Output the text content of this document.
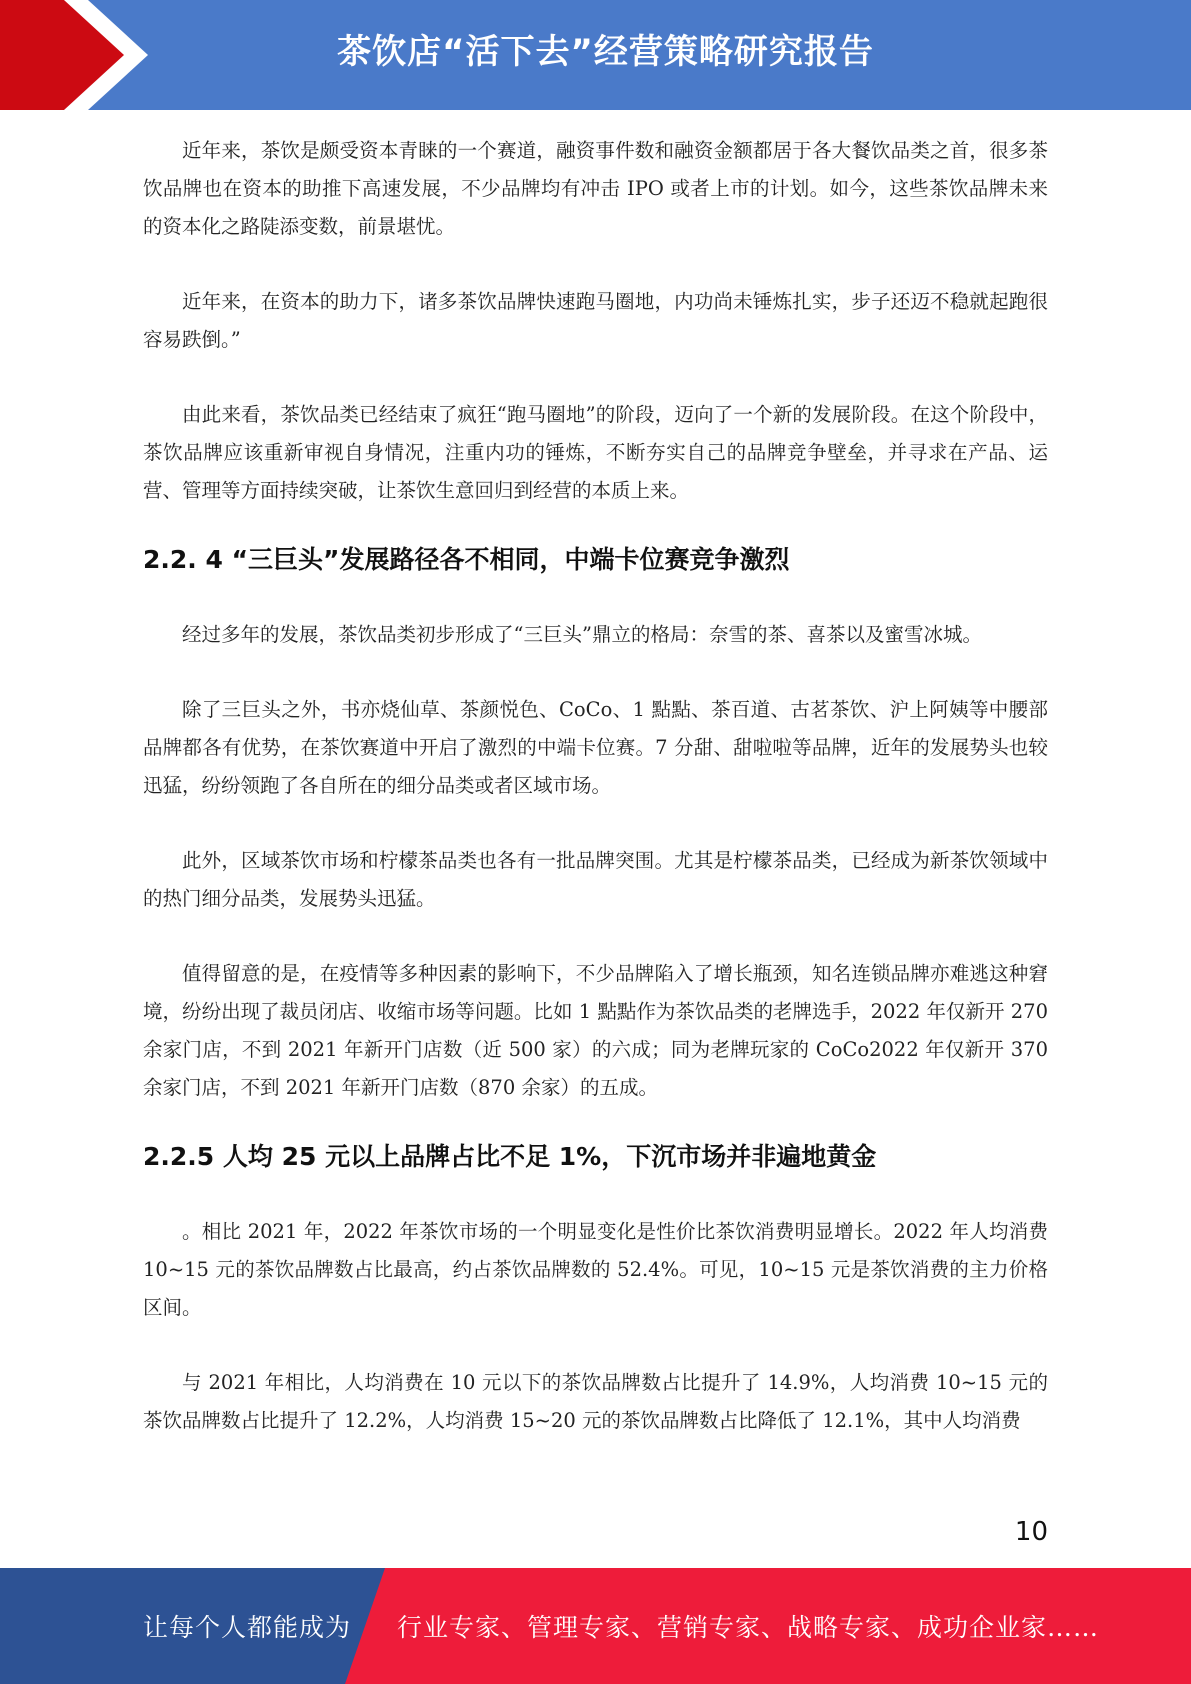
茶饮店“活下去”经营策略研究报告

近年来，茶饮是颇受资本青睐的一个赛道，融资事件数和融资金额都居于各大餐饮品类之首，很多茶饮品牌也在资本的助推下高速发展，不少品牌均有冲击 IPO 或者上市的计划。如今，这些茶饮品牌未来的资本化之路陡添变数，前景堪忧。

近年来，在资本的助力下，诸多茶饮品牌快速跑马圈地，内功尚未锤炼扎实，步子还迈不稳就起跑很容易跌倒。”

由此来看，茶饮品类已经结束了疯狂“跑马圈地”的阶段，迈向了一个新的发展阶段。在这个阶段中，茶饮品牌应该重新审视自身情况，注重内功的锤炼，不断夯实自己的品牌竞争壁垒，并寻求在产品、运营、管理等方面持续突破，让茶饮生意回归到经营的本质上来。

2.2. 4 “三巨头”发展路径各不相同，中端卡位赛竞争激烈

经过多年的发展，茶饮品类初步形成了“三巨头”鼎立的格局：奈雪的茶、喜茶以及蜜雪冰城。

除了三巨头之外，书亦烧仙草、茶颜悦色、CoCo、1 點點、茶百道、古茗茶饮、沪上阿姨等中腰部品牌都各有优势，在茶饮赛道中开启了激烈的中端卡位赛。7 分甜、甜啦啦等品牌，近年的发展势头也较迅猛，纷纷领跑了各自所在的细分品类或者区域市场。

此外，区域茶饮市场和柠檬茶品类也各有一批品牌突围。尤其是柠檬茶品类，已经成为新茶饮领域中的热门细分品类，发展势头迅猛。

值得留意的是，在疫情等多种因素的影响下，不少品牌陷入了增长瓶颈，知名连锁品牌亦难逃这种窘境，纷纷出现了裁员闭店、收缩市场等问题。比如 1 點點作为茶饮品类的老牌选手，2022 年仅新开 270 余家门店，不到 2021 年新开门店数（近 500 家）的六成；同为老牌玩家的 CoCo2022 年仅新开 370 余家门店，不到 2021 年新开门店数（870 余家）的五成。

2.2.5 人均 25 元以上品牌占比不足 1%，下沉市场并非遍地黄金

。相比 2021 年，2022 年茶饮市场的一个明显变化是性价比茶饮消费明显增长。2022 年人均消费 10~15 元的茶饮品牌数占比最高，约占茶饮品牌数的 52.4%。可见，10~15 元是茶饮消费的主力价格区间。

与 2021 年相比，人均消费在 10 元以下的茶饮品牌数占比提升了 14.9%，人均消费 10~15 元的茶饮品牌数占比提升了 12.2%，人均消费 15~20 元的茶饮品牌数占比降低了 12.1%，其中人均消费

10
让每个人都能成为 行业专家、管理专家、营销专家、战略专家、成功企业家……
